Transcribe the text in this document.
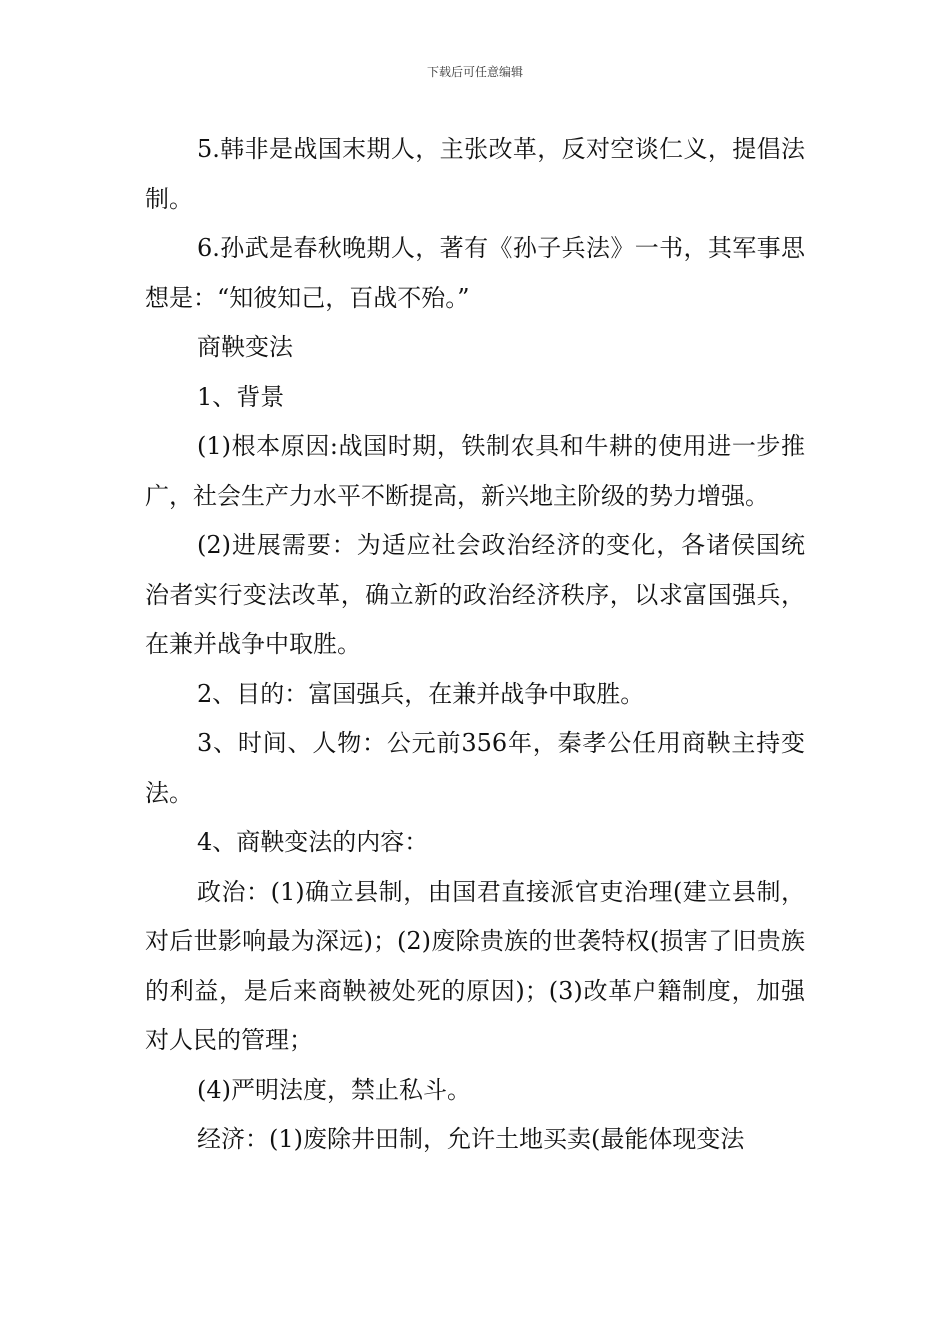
下载后可任意编辑

5.韩非是战国末期人，主张改革，反对空谈仁义，提倡法制。

6.孙武是春秋晚期人，著有《孙子兵法》一书，其军事思想是：“知彼知己，百战不殆。”

商鞅变法

1、背景

(1)根本原因:战国时期，铁制农具和牛耕的使用进一步推广，社会生产力水平不断提高，新兴地主阶级的势力增强。

(2)进展需要：为适应社会政治经济的变化，各诸侯国统治者实行变法改革，确立新的政治经济秩序，以求富国强兵，在兼并战争中取胜。

2、目的：富国强兵，在兼并战争中取胜。

3、时间、人物：公元前356年，秦孝公任用商鞅主持变法。

4、商鞅变法的内容：

政治：(1)确立县制，由国君直接派官吏治理(建立县制，对后世影响最为深远)；(2)废除贵族的世袭特权(损害了旧贵族的利益，是后来商鞅被处死的原因)；(3)改革户籍制度，加强对人民的管理；

(4)严明法度，禁止私斗。

经济：(1)废除井田制，允许土地买卖(最能体现变法
